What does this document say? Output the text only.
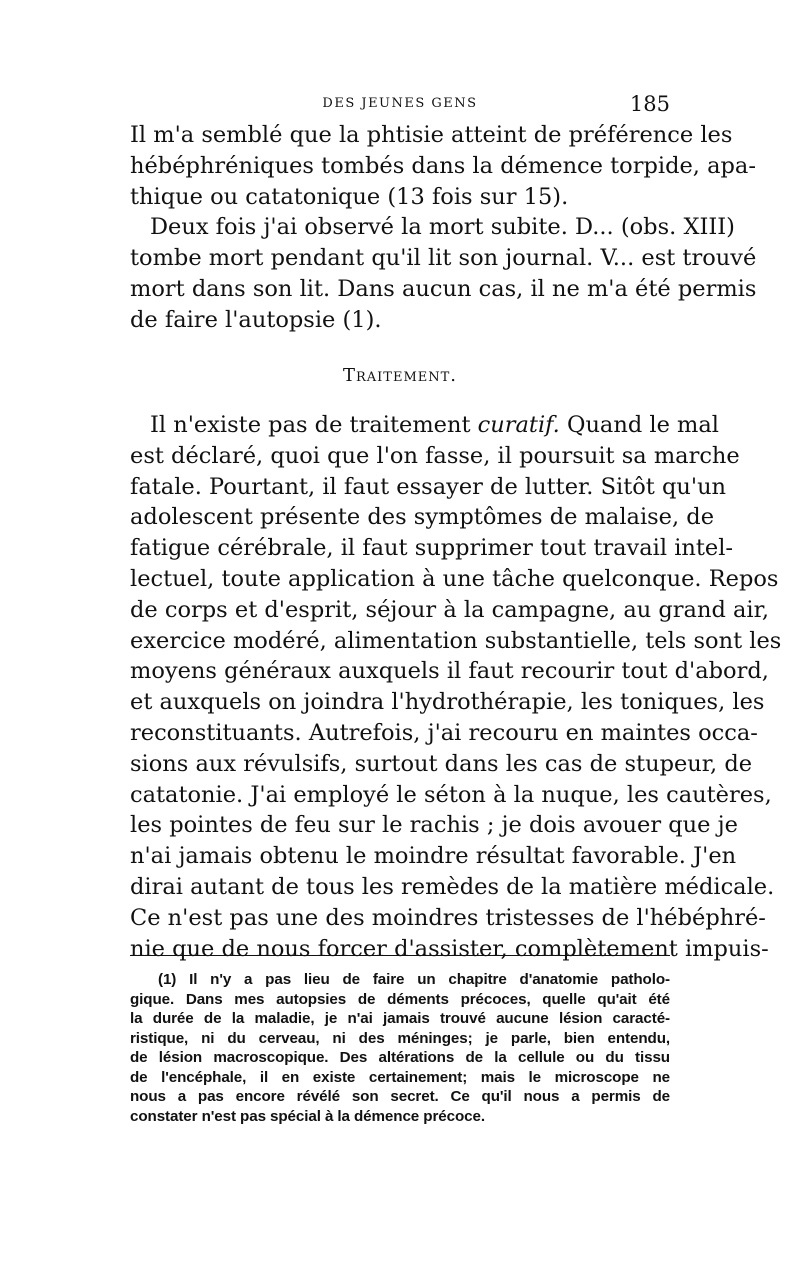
DES JEUNES GENS	185
Il m'a semblé que la phtisie atteint de préférence les
hébéphréniques tombés dans la démence torpide, apa-
thique ou catatonique (13 fois sur 15).
Deux fois j'ai observé la mort subite. D... (obs. XIII)
tombe mort pendant qu'il lit son journal. V... est trouvé
mort dans son lit. Dans aucun cas, il ne m'a été permis
de faire l'autopsie (1).
Traitement.
Il n'existe pas de traitement curatif. Quand le mal
est déclaré, quoi que l'on fasse, il poursuit sa marche
fatale. Pourtant, il faut essayer de lutter. Sitôt qu'un
adolescent présente des symptômes de malaise, de
fatigue cérébrale, il faut supprimer tout travail intel-
lectuel, toute application à une tâche quelconque. Repos
de corps et d'esprit, séjour à la campagne, au grand air,
exercice modéré, alimentation substantielle, tels sont les
moyens généraux auxquels il faut recourir tout d'abord,
et auxquels on joindra l'hydrothérapie, les toniques, les
reconstituants. Autrefois, j'ai recouru en maintes occa-
sions aux révulsifs, surtout dans les cas de stupeur, de
catatonie. J'ai employé le séton à la nuque, les cautères,
les pointes de feu sur le rachis ; je dois avouer que je
n'ai jamais obtenu le moindre résultat favorable. J'en
dirai autant de tous les remèdes de la matière médicale.
Ce n'est pas une des moindres tristesses de l'hébéphré-
nie que de nous forcer d'assister, complètement impuis-
(1) Il n'y a pas lieu de faire un chapitre d'anatomie patholo-
gique. Dans mes autopsies de déments précoces, quelle qu'ait été
la durée de la maladie, je n'ai jamais trouvé aucune lésion caracté-
ristique, ni du cerveau, ni des méninges; je parle, bien entendu,
de lésion macroscopique. Des altérations de la cellule ou du tissu
de l'encéphale, il en existe certainement; mais le microscope ne
nous a pas encore révélé son secret. Ce qu'il nous a permis de
constater n'est pas spécial à la démence précoce.
